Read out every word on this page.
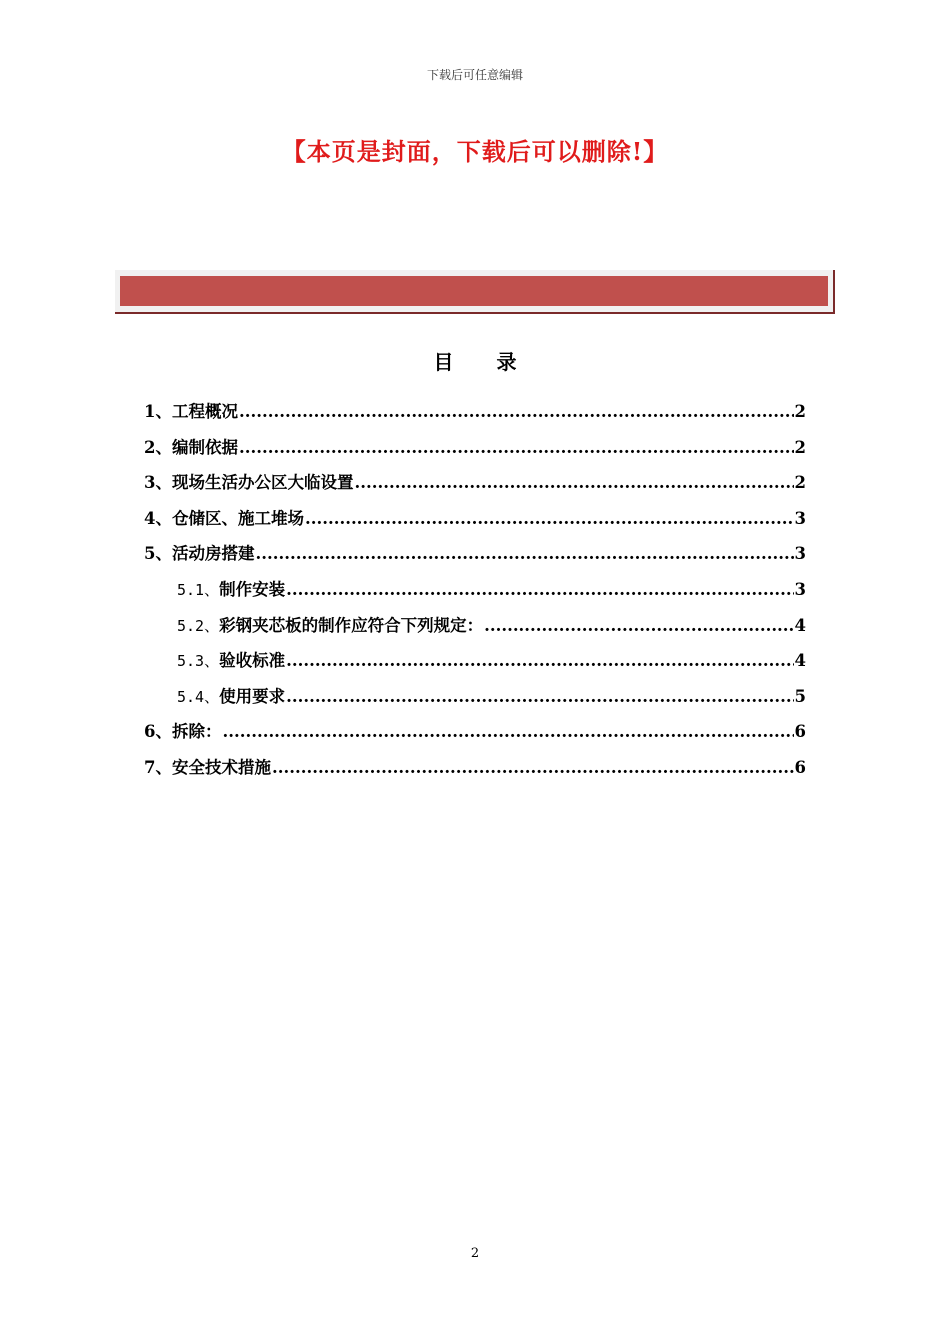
下载后可任意编辑
【本页是封面，下载后可以删除!】
目 录
1、 工程概况 .....	2
2、 编制依据 .....	2
3、 现场生活办公区大临设置 .....	2
4、 仓储区、施工堆场 .....	3
5、 活动房搭建 .....	3
5.1、 制作安装 .....	3
5.2、 彩钢夹芯板的制作应符合下列规定： .....	4
5.3、 验收标准 .....	4
5.4、 使用要求 .....	5
6、 拆除： .....	6
7、 安全技术措施 .....	6
2
